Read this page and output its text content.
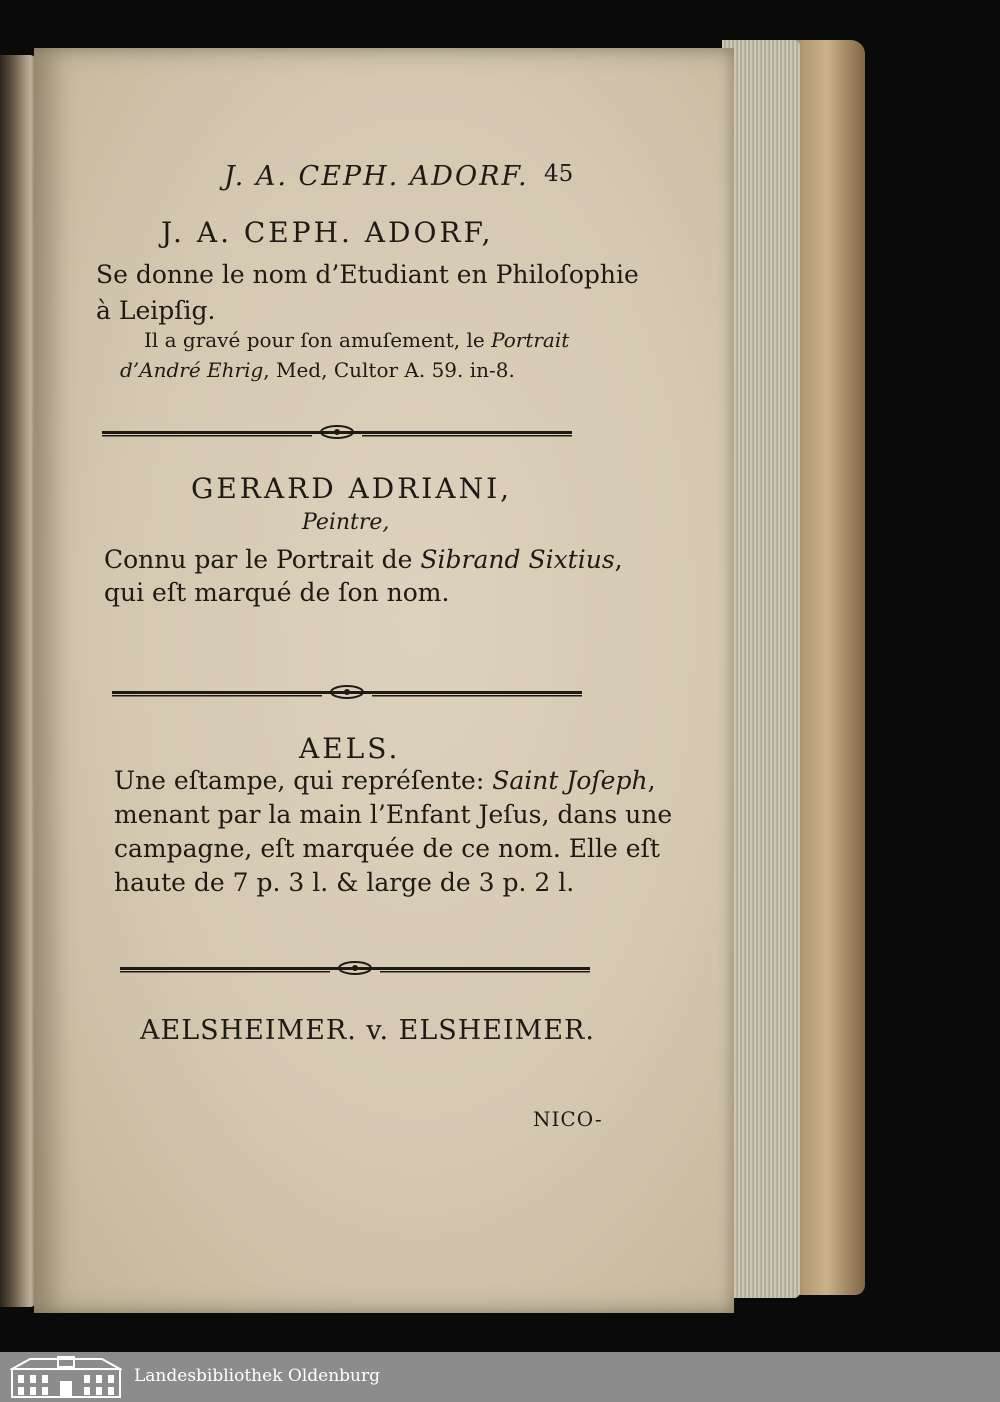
J. A. CEPH. ADORF. 45
J. A. CEPH. ADORF,
Se donne le nom d’Etudiant en Philoſophie
à Leipſig.
Il a gravé pour ſon amuſement, le Portrait
d’André Ehrig, Med, Cultor A. 59. in-8.
GERARD ADRIANI,
Peintre,
Connu par le Portrait de Sibrand Sixtius,
qui eſt marqué de ſon nom.
AELS.
Une eſtampe, qui repréſente: Saint Joſeph,
menant par la main l’Enfant Jeſus, dans une
campagne, eſt marquée de ce nom. Elle eſt
haute de 7 p. 3 l. & large de 3 p. 2 l.
AELSHEIMER. v. ELSHEIMER.
NICO-
Landesbibliothek Oldenburg
